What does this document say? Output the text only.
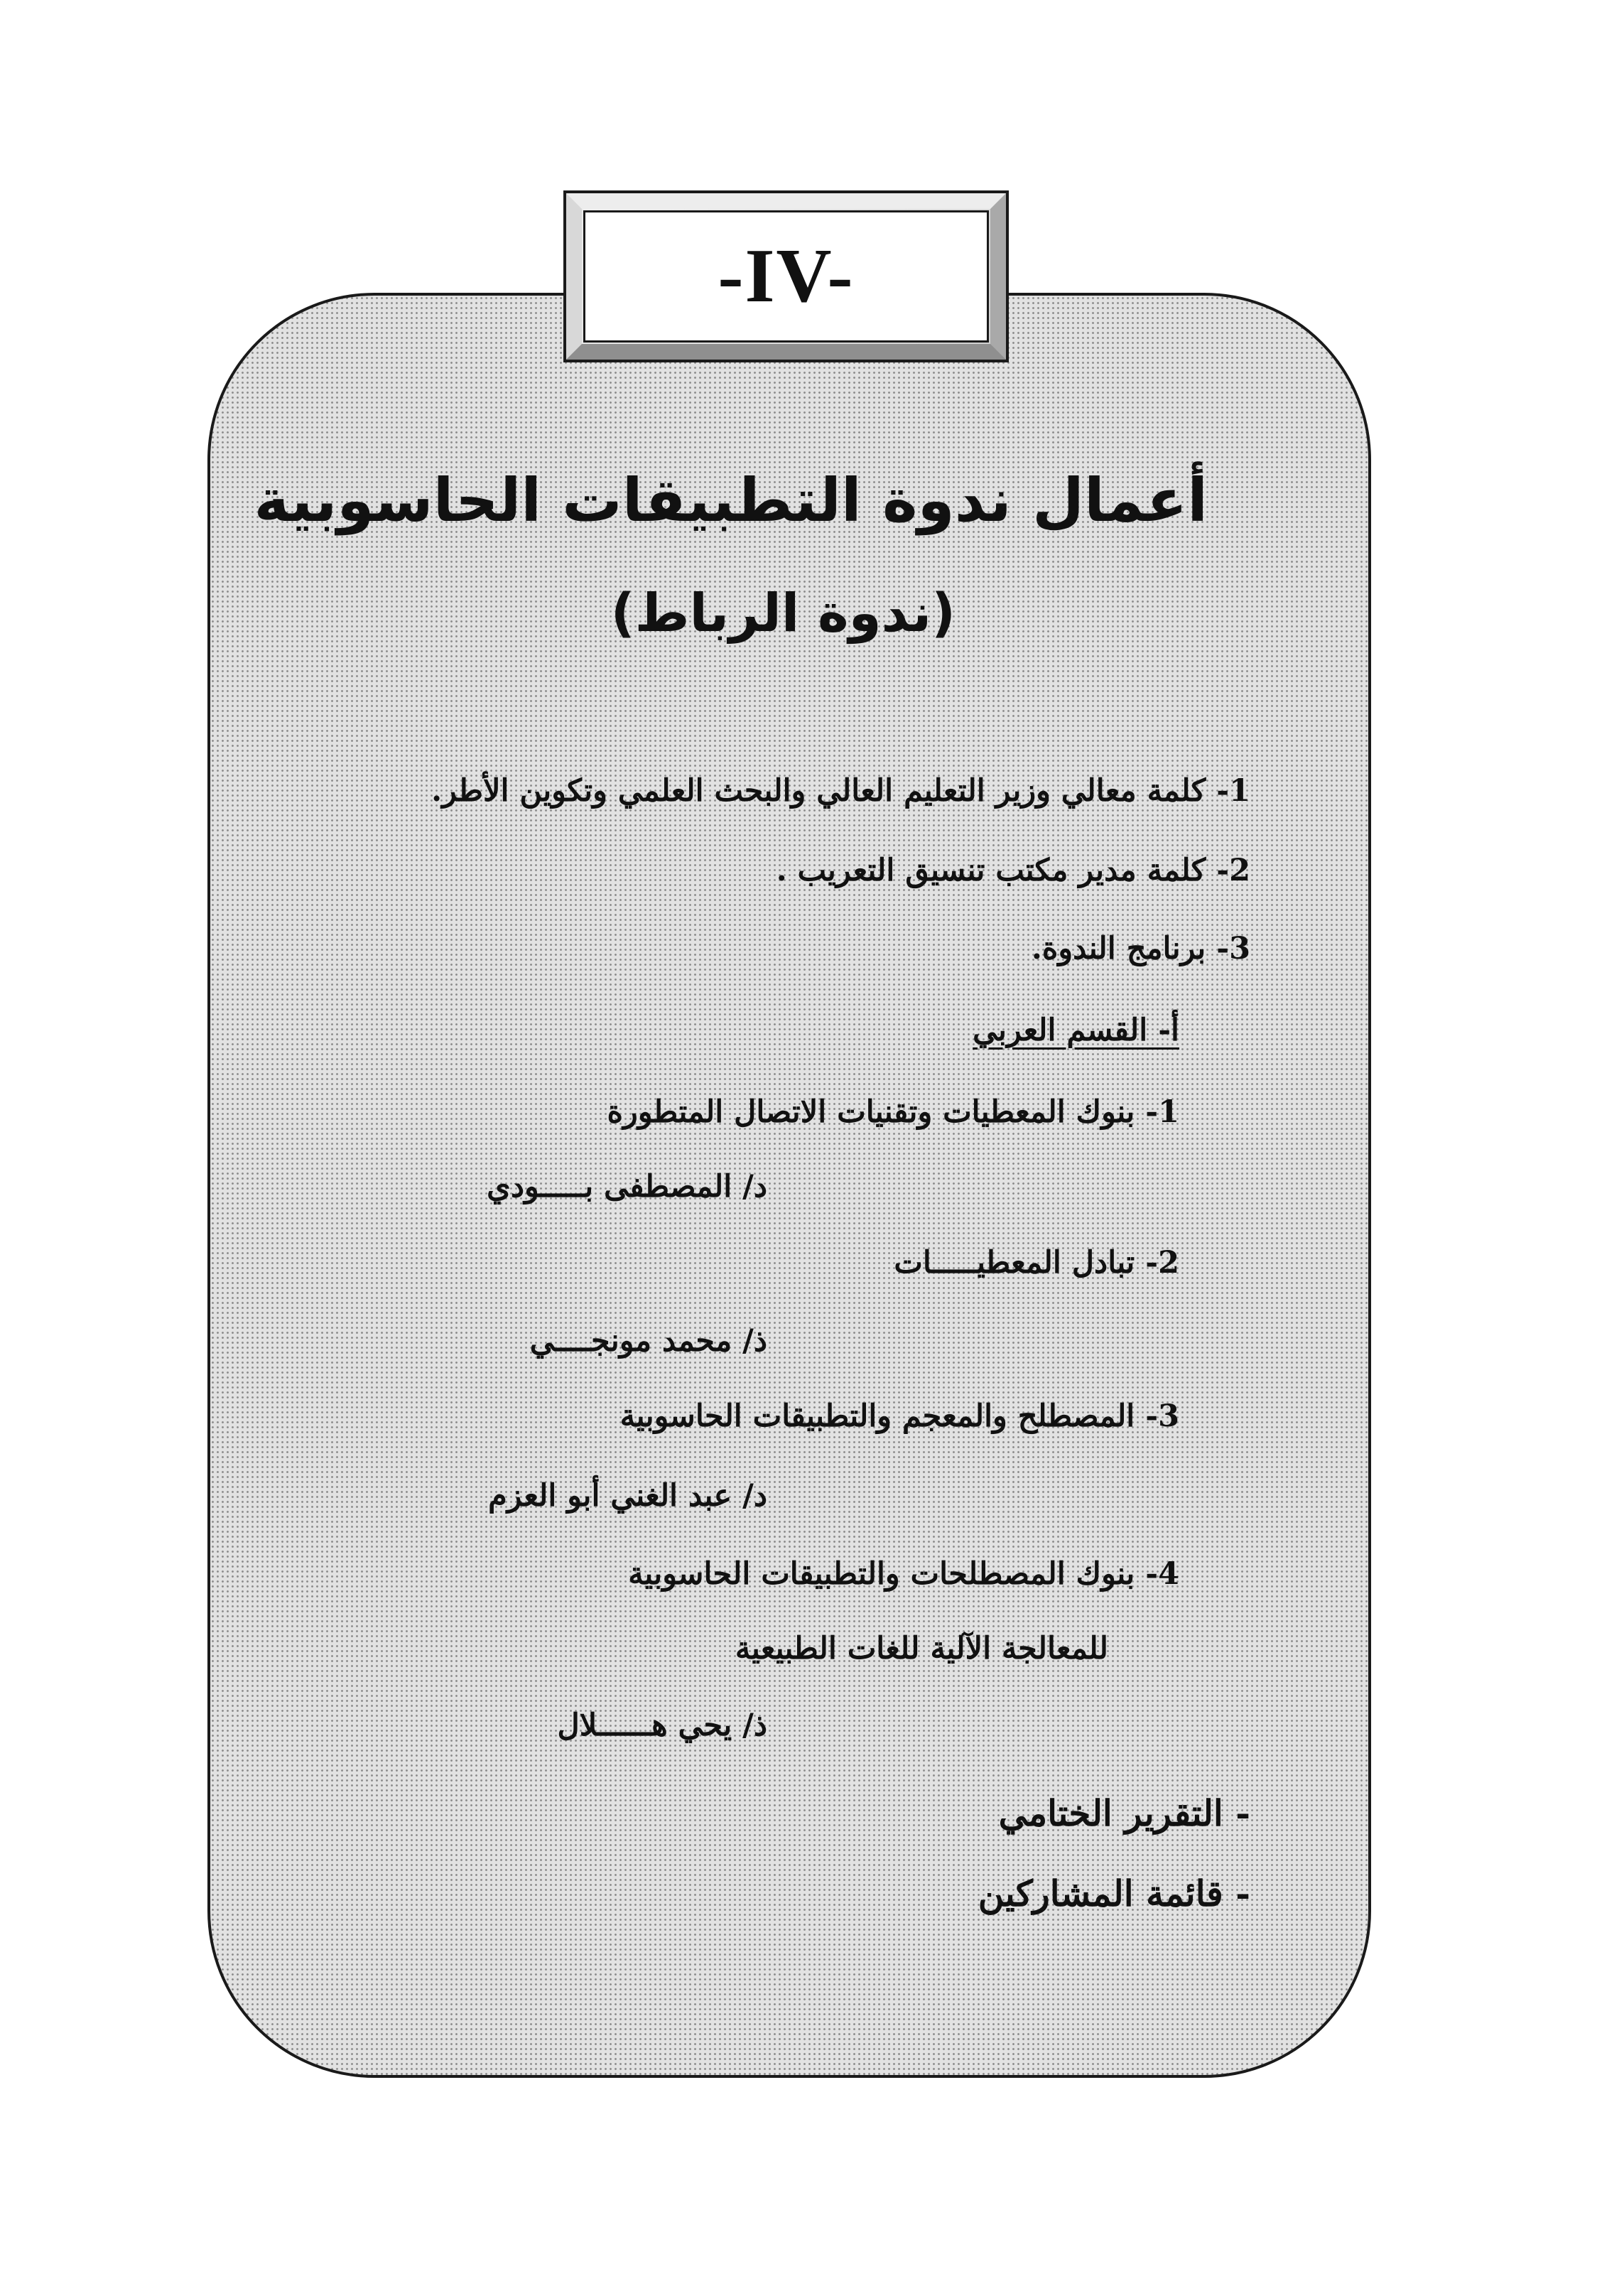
-IV-
أعمال ندوة التطبيقات الحاسوبية
(ندوة الرباط)
1- كلمة معالي وزير التعليم العالي والبحث العلمي وتكوين الأطر.
2- كلمة مدير مكتب تنسيق التعريب .
3- برنامج الندوة.
أ- القسم العربي
1- بنوك المعطيات وتقنيات الاتصال المتطورة
د/ المصطفى بـــــودي
2- تبادل المعطيـــــات
ذ/ محمد مونجــــي
3- المصطلح والمعجم والتطبيقات الحاسوبية
د/ عبد الغني أبو العزم
4- بنوك المصطلحات والتطبيقات الحاسوبية
للمعالجة الآلية للغات الطبيعية
ذ/ يحي هــــــلال
- التقرير الختامي
- قائمة المشاركين
